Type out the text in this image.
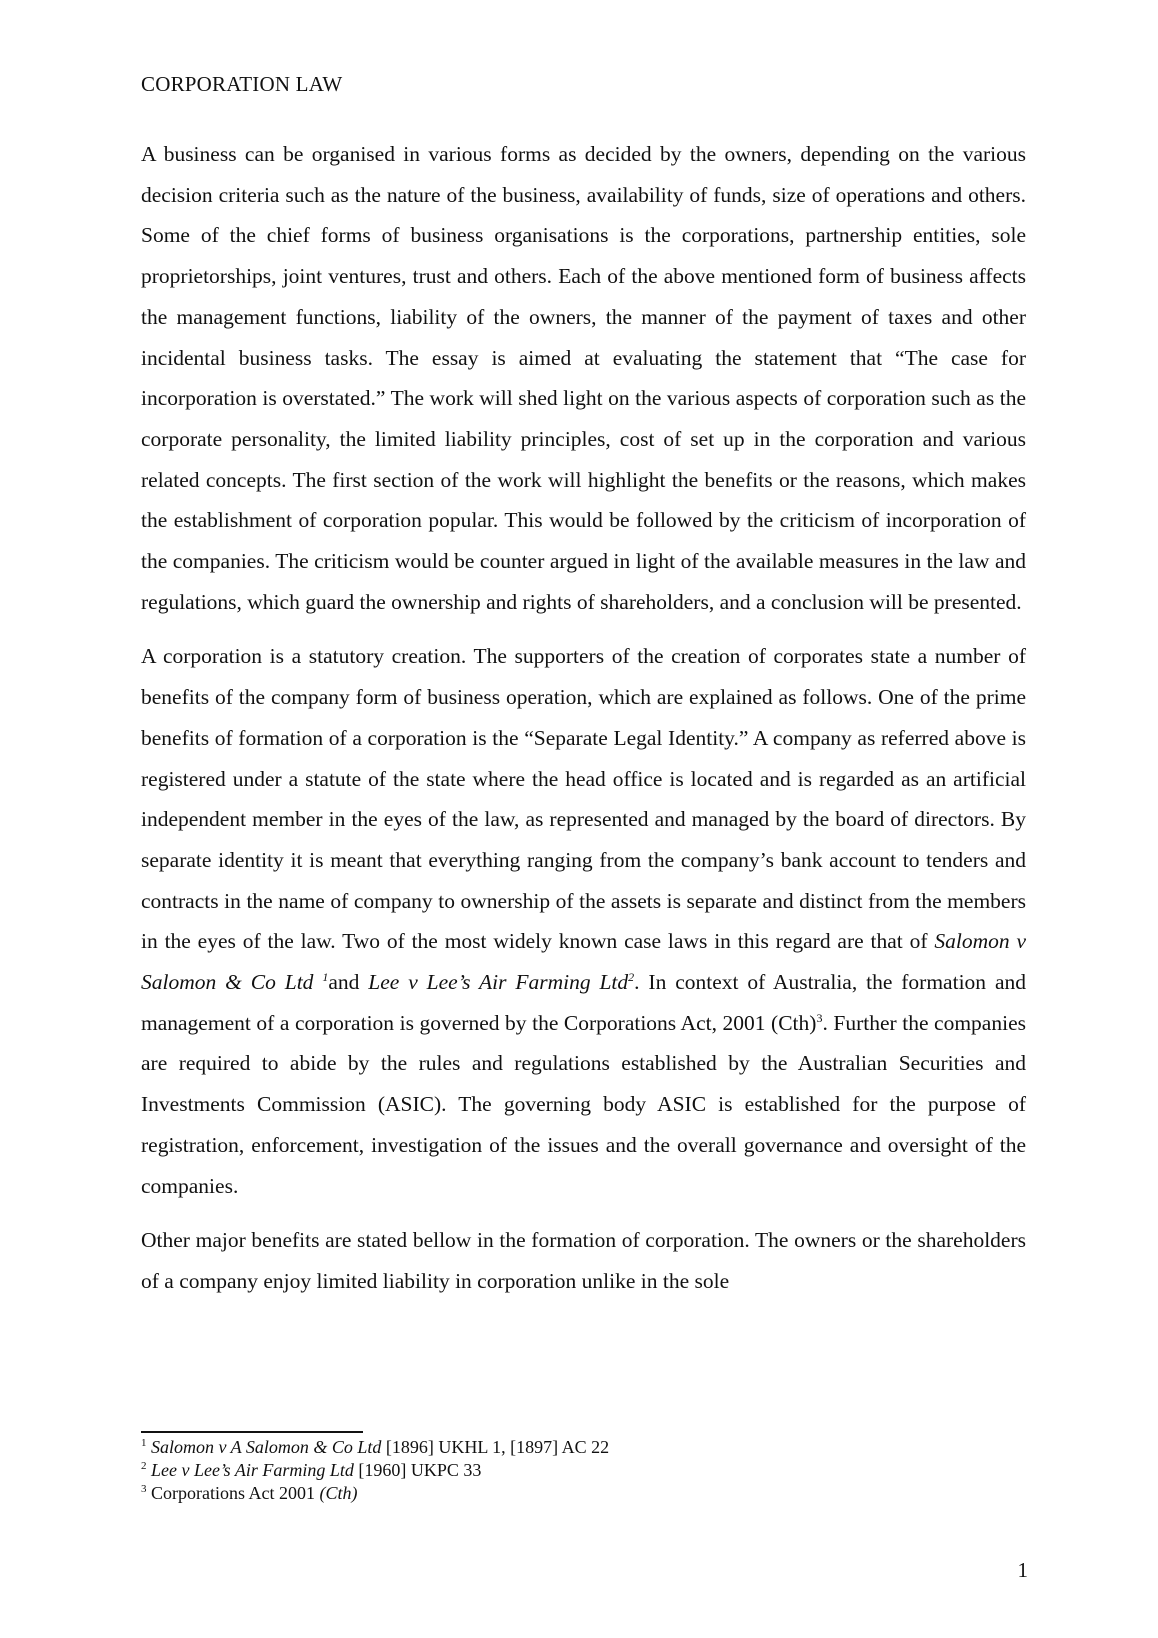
CORPORATION LAW

A business can be organised in various forms as decided by the owners, depending on the various decision criteria such as the nature of the business, availability of funds, size of operations and others. Some of the chief forms of business organisations is the corporations, partnership entities, sole proprietorships, joint ventures, trust and others. Each of the above mentioned form of business affects the management functions, liability of the owners, the manner of the payment of taxes and other incidental business tasks. The essay is aimed at evaluating the statement that “The case for incorporation is overstated.” The work will shed light on the various aspects of corporation such as the corporate personality, the limited liability principles, cost of set up in the corporation and various related concepts. The first section of the work will highlight the benefits or the reasons, which makes the establishment of corporation popular. This would be followed by the criticism of incorporation of the companies. The criticism would be counter argued in light of the available measures in the law and regulations, which guard the ownership and rights of shareholders, and a conclusion will be presented.

A corporation is a statutory creation. The supporters of the creation of corporates state a number of benefits of the company form of business operation, which are explained as follows. One of the prime benefits of formation of a corporation is the “Separate Legal Identity.” A company as referred above is registered under a statute of the state where the head office is located and is regarded as an artificial independent member in the eyes of the law, as represented and managed by the board of directors. By separate identity it is meant that everything ranging from the company’s bank account to tenders and contracts in the name of company to ownership of the assets is separate and distinct from the members in the eyes of the law. Two of the most widely known case laws in this regard are that of Salomon v Salomon & Co Ltd $^1$and Lee v Lee’s Air Farming Ltd$^2$. In context of Australia, the formation and management of a corporation is governed by the Corporations Act, 2001 (Cth)$^3$. Further the companies are required to abide by the rules and regulations established by the Australian Securities and Investments Commission (ASIC). The governing body ASIC is established for the purpose of registration, enforcement, investigation of the issues and the overall governance and oversight of the companies.

Other major benefits are stated bellow in the formation of corporation. The owners or the shareholders of a company enjoy limited liability in corporation unlike in the sole

$^1$ Salomon v A Salomon & Co Ltd [1896] UKHL 1, [1897] AC 22
$^2$ Lee v Lee’s Air Farming Ltd [1960] UKPC 33
$^3$ Corporations Act 2001 (Cth)
1
